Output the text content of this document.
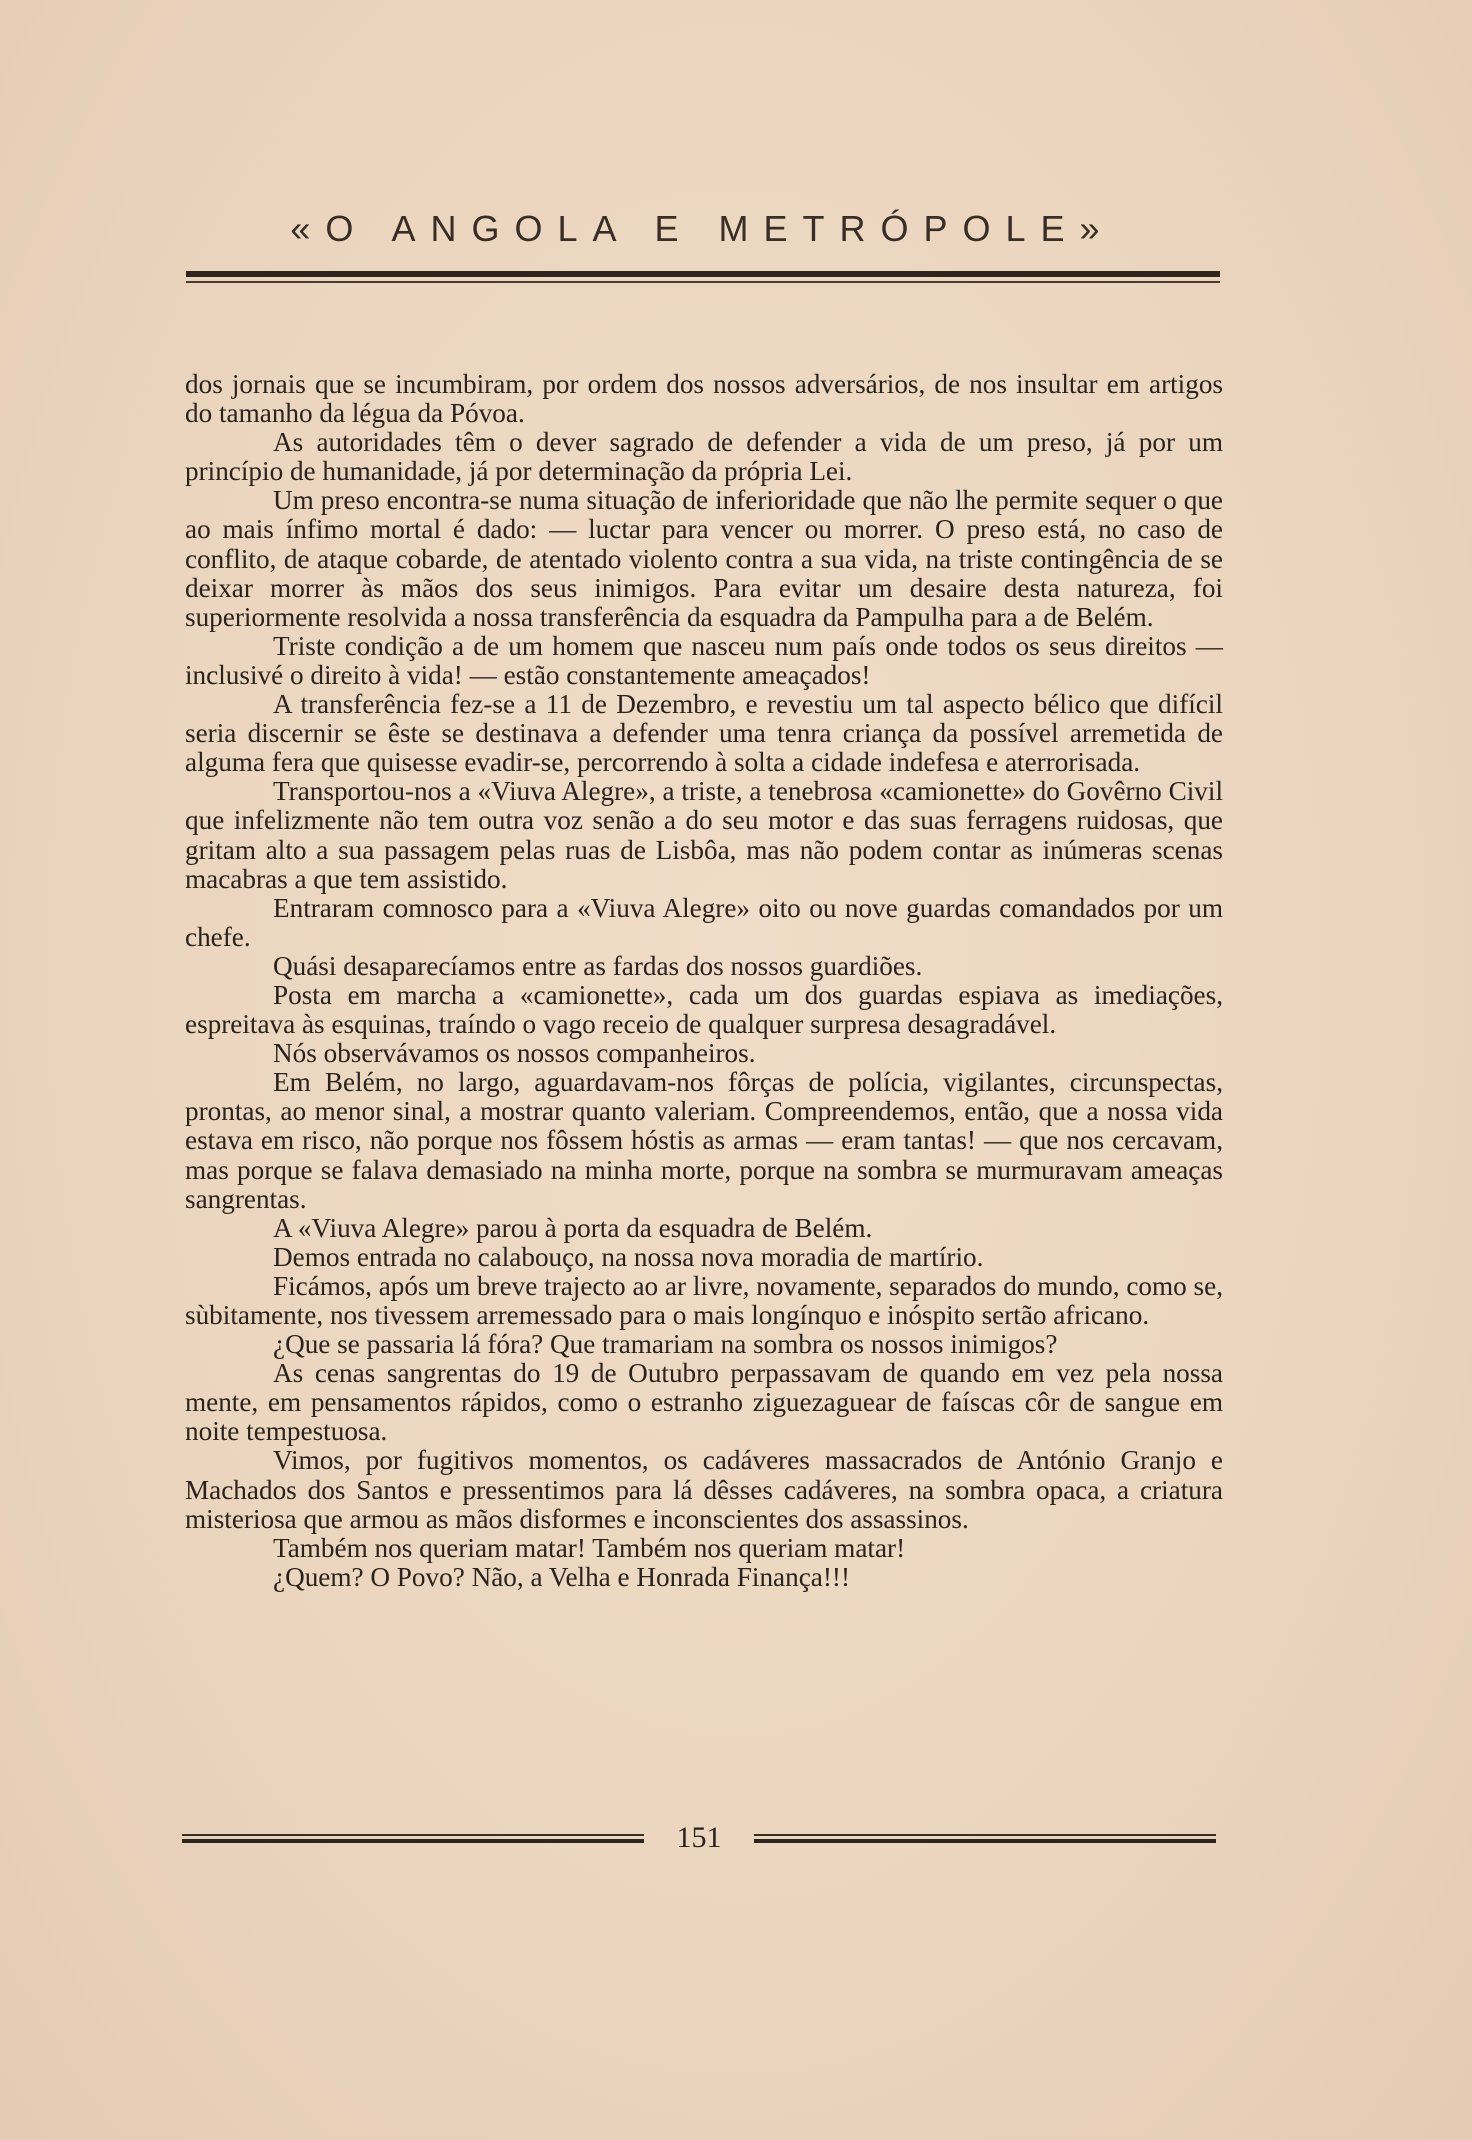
«O ANGOLA E METRÓPOLE»

dos jornais que se incumbiram, por ordem dos nossos adversários, de nos insultar em artigos do tamanho da légua da Póvoa.

As autoridades têm o dever sagrado de defender a vida de um preso, já por um princípio de humanidade, já por determinação da própria Lei.

Um preso encontra-se numa situação de inferioridade que não lhe permite sequer o que ao mais ínfimo mortal é dado: — luctar para vencer ou morrer. O preso está, no caso de conflito, de ataque cobarde, de atentado violento contra a sua vida, na triste contingência de se deixar morrer às mãos dos seus inimigos. Para evitar um desaire desta natureza, foi superiormente resolvida a nossa transferência da esquadra da Pampulha para a de Belém.

Triste condição a de um homem que nasceu num país onde todos os seus direitos — inclusivé o direito à vida! — estão constantemente ameaçados!

A transferência fez-se a 11 de Dezembro, e revestiu um tal aspecto bélico que difícil seria discernir se êste se destinava a defender uma tenra criança da possível arremetida de alguma fera que quisesse evadir-se, percorrendo à solta a cidade indefesa e aterrorisada.

Transportou-nos a «Viuva Alegre», a triste, a tenebrosa «camionette» do Govêrno Civil que infelizmente não tem outra voz senão a do seu motor e das suas ferragens ruidosas, que gritam alto a sua passagem pelas ruas de Lisbôa, mas não podem contar as inúmeras scenas macabras a que tem assistido.

Entraram comnosco para a «Viuva Alegre» oito ou nove guardas comandados por um chefe.

Quási desaparecíamos entre as fardas dos nossos guardiões.

Posta em marcha a «camionette», cada um dos guardas espiava as imediações, espreitava às esquinas, traíndo o vago receio de qualquer surpresa desagradável.

Nós observávamos os nossos companheiros.

Em Belém, no largo, aguardavam-nos fôrças de polícia, vigilantes, circunspectas, prontas, ao menor sinal, a mostrar quanto valeriam. Compreendemos, então, que a nossa vida estava em risco, não porque nos fôssem hóstis as armas — eram tantas! — que nos cercavam, mas porque se falava demasiado na minha morte, porque na sombra se murmuravam ameaças sangrentas.

A «Viuva Alegre» parou à porta da esquadra de Belém.

Demos entrada no calabouço, na nossa nova moradia de martírio.

Ficámos, após um breve trajecto ao ar livre, novamente, separados do mundo, como se, sùbitamente, nos tivessem arremessado para o mais longínquo e inóspito sertão africano.

¿Que se passaria lá fóra? Que tramariam na sombra os nossos inimigos?

As cenas sangrentas do 19 de Outubro perpassavam de quando em vez pela nossa mente, em pensamentos rápidos, como o estranho ziguezaguear de faíscas côr de sangue em noite tempestuosa.

Vimos, por fugitivos momentos, os cadáveres massacrados de António Granjo e Machados dos Santos e pressentimos para lá dêsses cadáveres, na sombra opaca, a criatura misteriosa que armou as mãos disformes e inconscientes dos assassinos.

Também nos queriam matar! Também nos queriam matar!

¿Quem? O Povo? Não, a Velha e Honrada Finança!!!

151
